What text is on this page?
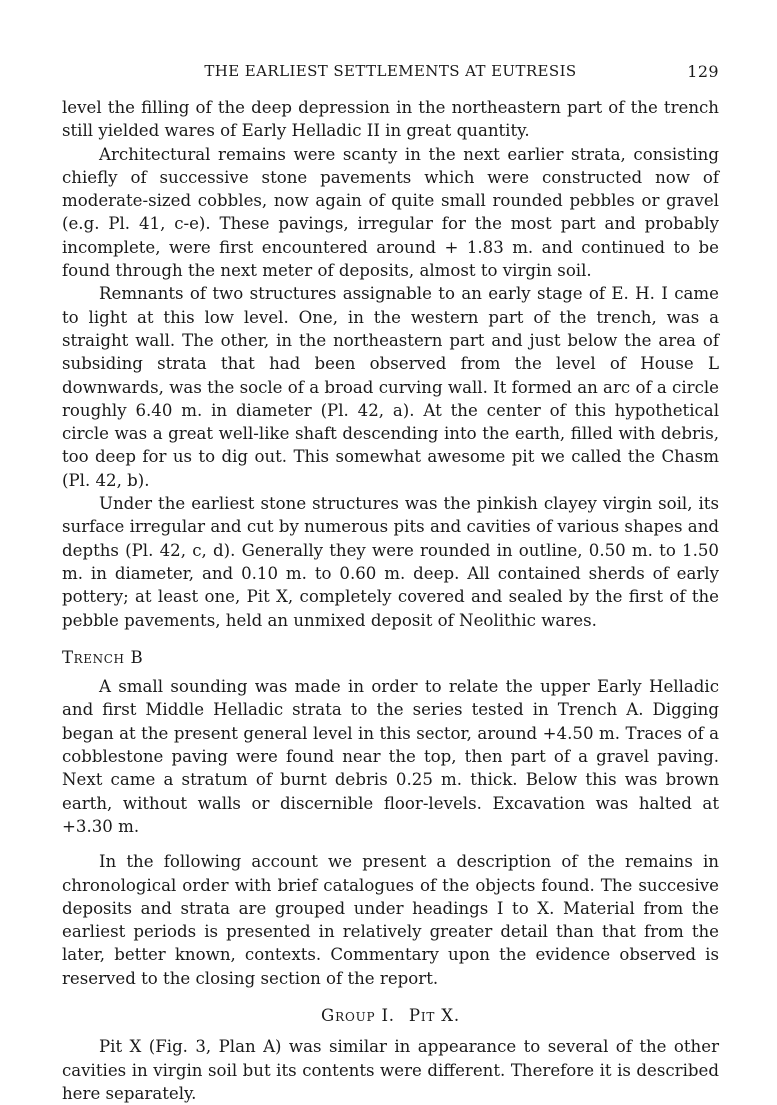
THE EARLIEST SETTLEMENTS AT EUTRESIS	129

level the filling of the deep depression in the northeastern part of the trench still yielded wares of Early Helladic II in great quantity.

Architectural remains were scanty in the next earlier strata, consisting chiefly of successive stone pavements which were constructed now of moderate-sized cobbles, now again of quite small rounded pebbles or gravel (e.g. Pl. 41, c-e). These pavings, irregular for the most part and probably incomplete, were first encountered around + 1.83 m. and continued to be found through the next meter of deposits, almost to virgin soil.

Remnants of two structures assignable to an early stage of E. H. I came to light at this low level. One, in the western part of the trench, was a straight wall. The other, in the northeastern part and just below the area of subsiding strata that had been observed from the level of House L downwards, was the socle of a broad curving wall. It formed an arc of a circle roughly 6.40 m. in diameter (Pl. 42, a). At the center of this hypothetical circle was a great well-like shaft descending into the earth, filled with debris, too deep for us to dig out. This somewhat awesome pit we called the Chasm (Pl. 42, b).

Under the earliest stone structures was the pinkish clayey virgin soil, its surface irregular and cut by numerous pits and cavities of various shapes and depths (Pl. 42, c, d). Generally they were rounded in outline, 0.50 m. to 1.50 m. in diameter, and 0.10 m. to 0.60 m. deep. All contained sherds of early pottery; at least one, Pit X, completely covered and sealed by the first of the pebble pavements, held an unmixed deposit of Neolithic wares.

Trench B

A small sounding was made in order to relate the upper Early Helladic and first Middle Helladic strata to the series tested in Trench A. Digging began at the present general level in this sector, around +4.50 m. Traces of a cobblestone paving were found near the top, then part of a gravel paving. Next came a stratum of burnt debris 0.25 m. thick. Below this was brown earth, without walls or discernible floor-levels. Excavation was halted at +3.30 m.

In the following account we present a description of the remains in chronological order with brief catalogues of the objects found. The succesive deposits and strata are grouped under headings I to X. Material from the earliest periods is presented in relatively greater detail than that from the later, better known, contexts. Commentary upon the evidence observed is reserved to the closing section of the report.

Group I. Pit X.

Pit X (Fig. 3, Plan A) was similar in appearance to several of the other cavities in virgin soil but its contents were different. Therefore it is described here separately.
